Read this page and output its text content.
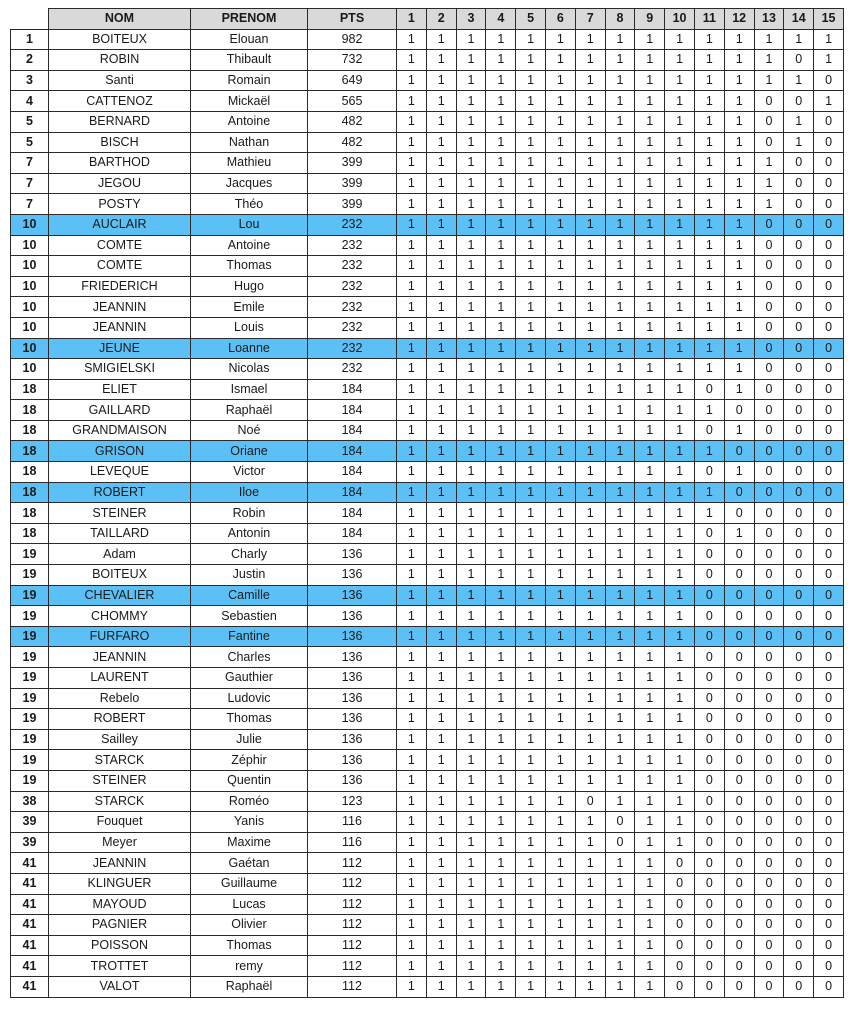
	NOM	PRENOM	PTS	1	2	3	4	5	6	7	8	9	10	11	12	13	14	15
1	BOITEUX	Elouan	982	1	1	1	1	1	1	1	1	1	1	1	1	1	1	1
2	ROBIN	Thibault	732	1	1	1	1	1	1	1	1	1	1	1	1	1	0	1
3	Santi	Romain	649	1	1	1	1	1	1	1	1	1	1	1	1	1	1	0
4	CATTENOZ	Mickaël	565	1	1	1	1	1	1	1	1	1	1	1	1	0	0	1
5	BERNARD	Antoine	482	1	1	1	1	1	1	1	1	1	1	1	1	0	1	0
5	BISCH	Nathan	482	1	1	1	1	1	1	1	1	1	1	1	1	0	1	0
7	BARTHOD	Mathieu	399	1	1	1	1	1	1	1	1	1	1	1	1	1	0	0
7	JEGOU	Jacques	399	1	1	1	1	1	1	1	1	1	1	1	1	1	0	0
7	POSTY	Théo	399	1	1	1	1	1	1	1	1	1	1	1	1	1	0	0
10	AUCLAIR	Lou	232	1	1	1	1	1	1	1	1	1	1	1	1	0	0	0
10	COMTE	Antoine	232	1	1	1	1	1	1	1	1	1	1	1	1	0	0	0
10	COMTE	Thomas	232	1	1	1	1	1	1	1	1	1	1	1	1	0	0	0
10	FRIEDERICH	Hugo	232	1	1	1	1	1	1	1	1	1	1	1	1	0	0	0
10	JEANNIN	Emile	232	1	1	1	1	1	1	1	1	1	1	1	1	0	0	0
10	JEANNIN	Louis	232	1	1	1	1	1	1	1	1	1	1	1	1	0	0	0
10	JEUNE	Loanne	232	1	1	1	1	1	1	1	1	1	1	1	1	0	0	0
10	SMIGIELSKI	Nicolas	232	1	1	1	1	1	1	1	1	1	1	1	1	0	0	0
18	ELIET	Ismael	184	1	1	1	1	1	1	1	1	1	1	0	1	0	0	0
18	GAILLARD	Raphaël	184	1	1	1	1	1	1	1	1	1	1	1	0	0	0	0
18	GRANDMAISON	Noé	184	1	1	1	1	1	1	1	1	1	1	0	1	0	0	0
18	GRISON	Oriane	184	1	1	1	1	1	1	1	1	1	1	1	0	0	0	0
18	LEVEQUE	Victor	184	1	1	1	1	1	1	1	1	1	1	0	1	0	0	0
18	ROBERT	Iloe	184	1	1	1	1	1	1	1	1	1	1	1	0	0	0	0
18	STEINER	Robin	184	1	1	1	1	1	1	1	1	1	1	1	0	0	0	0
18	TAILLARD	Antonin	184	1	1	1	1	1	1	1	1	1	1	0	1	0	0	0
19	Adam	Charly	136	1	1	1	1	1	1	1	1	1	1	0	0	0	0	0
19	BOITEUX	Justin	136	1	1	1	1	1	1	1	1	1	1	0	0	0	0	0
19	CHEVALIER	Camille	136	1	1	1	1	1	1	1	1	1	1	0	0	0	0	0
19	CHOMMY	Sebastien	136	1	1	1	1	1	1	1	1	1	1	0	0	0	0	0
19	FURFARO	Fantine	136	1	1	1	1	1	1	1	1	1	1	0	0	0	0	0
19	JEANNIN	Charles	136	1	1	1	1	1	1	1	1	1	1	0	0	0	0	0
19	LAURENT	Gauthier	136	1	1	1	1	1	1	1	1	1	1	0	0	0	0	0
19	Rebelo	Ludovic	136	1	1	1	1	1	1	1	1	1	1	0	0	0	0	0
19	ROBERT	Thomas	136	1	1	1	1	1	1	1	1	1	1	0	0	0	0	0
19	Sailley	Julie	136	1	1	1	1	1	1	1	1	1	1	0	0	0	0	0
19	STARCK	Zéphir	136	1	1	1	1	1	1	1	1	1	1	0	0	0	0	0
19	STEINER	Quentin	136	1	1	1	1	1	1	1	1	1	1	0	0	0	0	0
38	STARCK	Roméo	123	1	1	1	1	1	1	0	1	1	1	0	0	0	0	0
39	Fouquet	Yanis	116	1	1	1	1	1	1	1	0	1	1	0	0	0	0	0
39	Meyer	Maxime	116	1	1	1	1	1	1	1	0	1	1	0	0	0	0	0
41	JEANNIN	Gaétan	112	1	1	1	1	1	1	1	1	1	0	0	0	0	0	0
41	KLINGUER	Guillaume	112	1	1	1	1	1	1	1	1	1	0	0	0	0	0	0
41	MAYOUD	Lucas	112	1	1	1	1	1	1	1	1	1	0	0	0	0	0	0
41	PAGNIER	Olivier	112	1	1	1	1	1	1	1	1	1	0	0	0	0	0	0
41	POISSON	Thomas	112	1	1	1	1	1	1	1	1	1	0	0	0	0	0	0
41	TROTTET	remy	112	1	1	1	1	1	1	1	1	1	0	0	0	0	0	0
41	VALOT	Raphaël	112	1	1	1	1	1	1	1	1	1	0	0	0	0	0	0
